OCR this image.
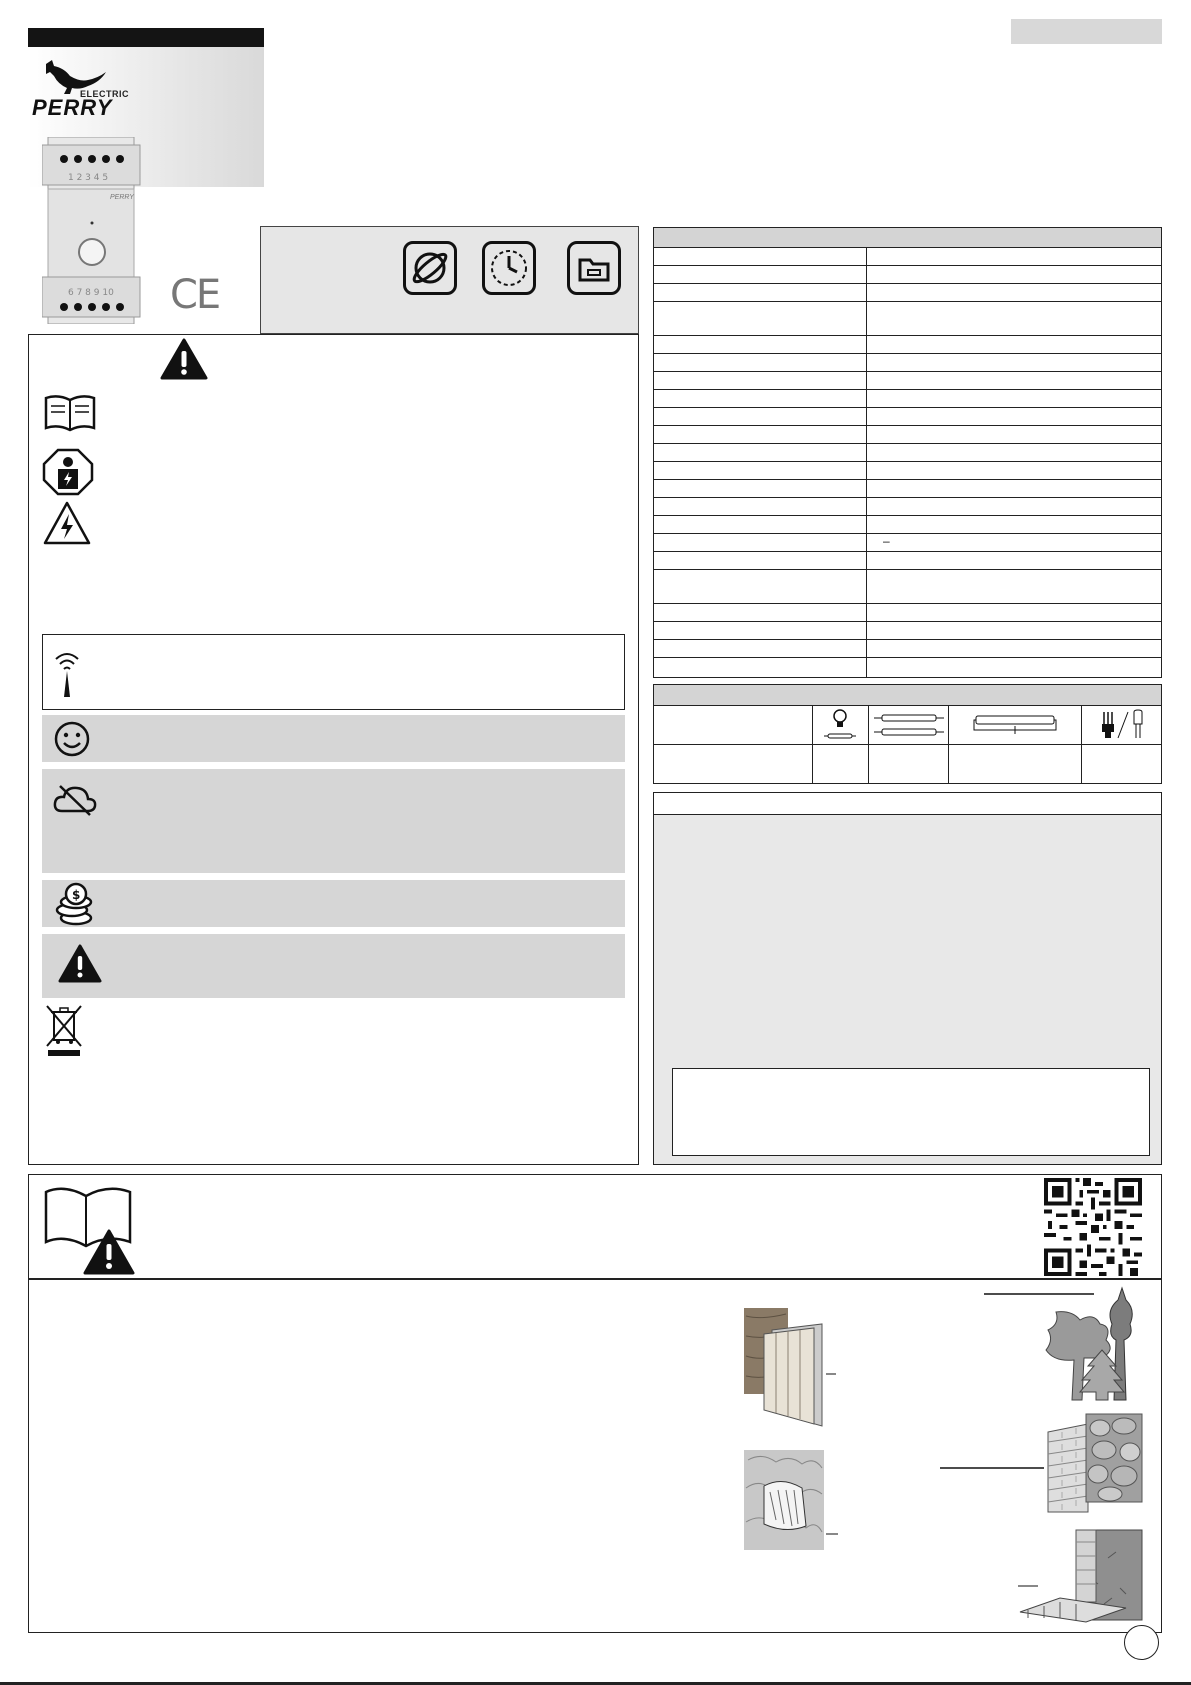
ELECTRIC
PERRY
1 2 3 4 5
PERRY
6 7 8 9 10 CE
$
–
